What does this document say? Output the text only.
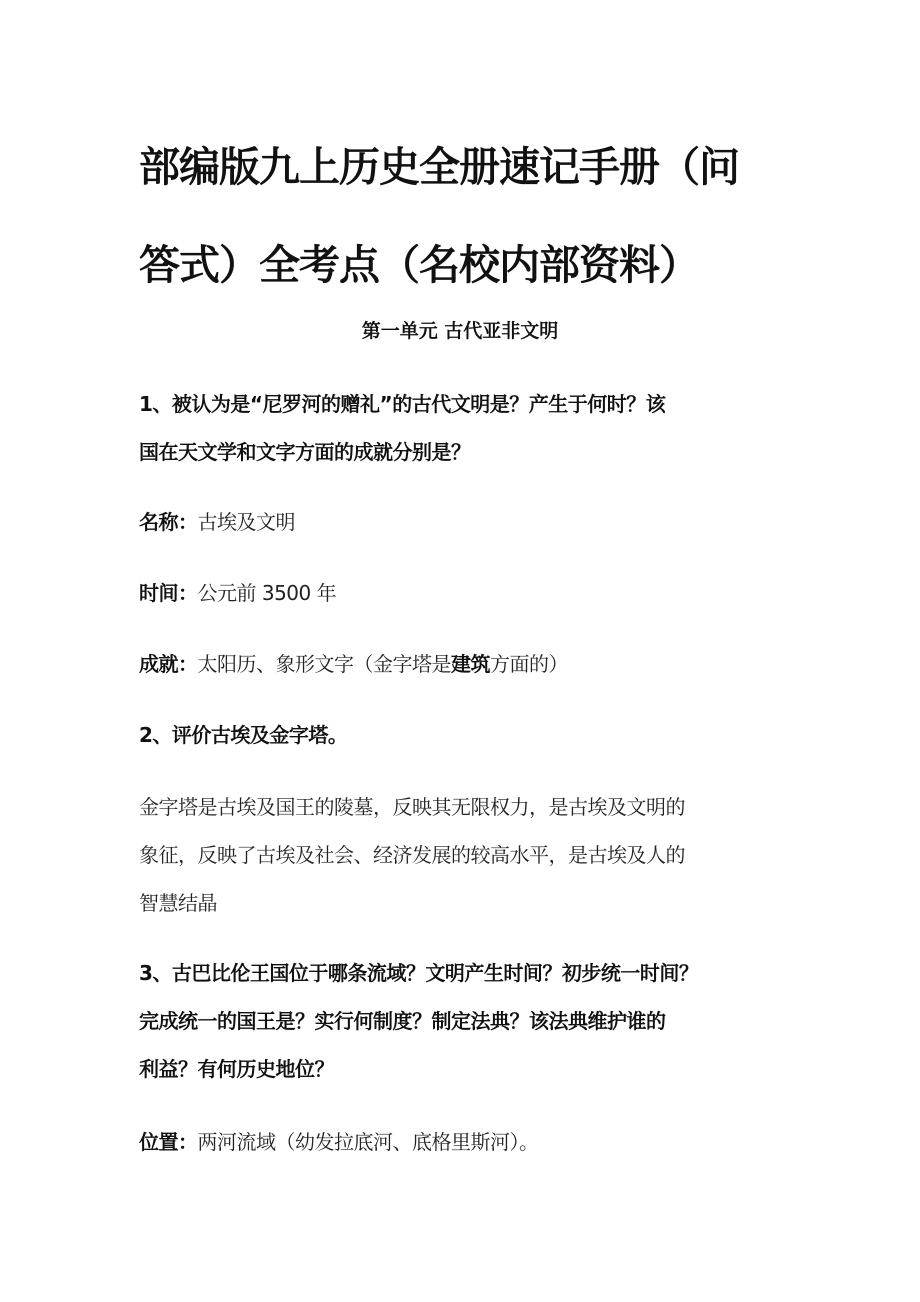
部编版九上历史全册速记手册（问
答式）全考点（名校内部资料）
第一单元 古代亚非文明
1、被认为是“尼罗河的赠礼”的古代文明是？产生于何时？该
国在天文学和文字方面的成就分别是？
名称：古埃及文明
时间：公元前 3500 年
成就：太阳历、象形文字（金字塔是建筑方面的）
2、评价古埃及金字塔。
金字塔是古埃及国王的陵墓，反映其无限权力，是古埃及文明的
象征，反映了古埃及社会、经济发展的较高水平，是古埃及人的
智慧结晶
3、古巴比伦王国位于哪条流域？文明产生时间？初步统一时间？
完成统一的国王是？实行何制度？制定法典？该法典维护谁的
利益？有何历史地位？
位置：两河流域（幼发拉底河、底格里斯河）。
